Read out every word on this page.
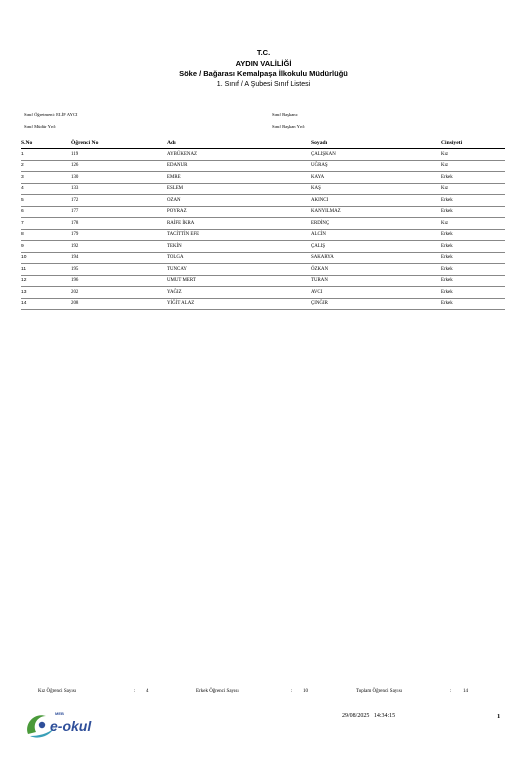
T.C.
AYDIN VALİLİĞİ
Söke / Bağarası Kemalpaşa İlkokulu Müdürlüğü
1. Sınıf / A Şubesi Sınıf Listesi
Sınıf Öğretmeni: ELİF AYCI	Sınıf Başkanı:
Sınıf Müdür Yrd:	Sınıf Başkan Yrd:
S.No	Öğrenci No	Adı	Soyadı	Cinsiyeti
1	119	AYBÜKENAZ	ÇALIŞKAN	Kız
2	126	EDANUR	UĞRAŞ	Kız
3	130	EMRE	KAYA	Erkek
4	133	ESLEM	KAŞ	Kız
5	172	OZAN	AKINCI	Erkek
6	177	POYRAZ	KANYILMAZ	Erkek
7	178	RAİFE İKRA	ERDİNÇ	Kız
8	179	TACİTTİN EFE	ALCİN	Erkek
9	192	TEKİN	ÇALIŞ	Erkek
10	194	TOLGA	SAKARYA	Erkek
11	195	TUNCAY	ÖZKAN	Erkek
12	196	UMUT MERT	TURAN	Erkek
13	202	YAĞIZ	AVCI	Erkek
14	208	YİĞİT ALAZ	ÇINĞIR	Erkek
Kız Öğrenci Sayısı	: 4	Erkek Öğrenci Sayısı	: 10	Toplam Öğrenci Sayısı	: 14
MEB
e-okul
29/08/2025 14:34:15	1
